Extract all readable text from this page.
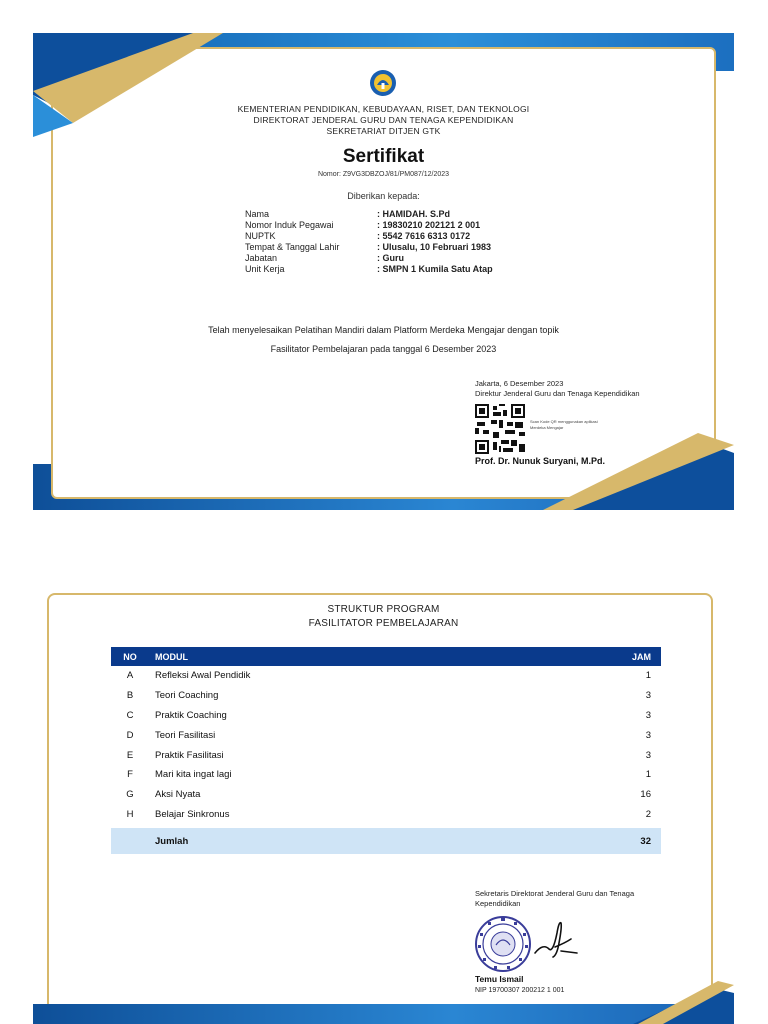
KEMENTERIAN PENDIDIKAN, KEBUDAYAAN, RISET, DAN TEKNOLOGI
DIREKTORAT JENDERAL GURU DAN TENAGA KEPENDIDIKAN
SEKRETARIAT DITJEN GTK
Sertifikat
Nomor: Z9VG3DBZOJ/81/PM087/12/2023
Diberikan kepada:
Nama	: HAMIDAH. S.Pd
Nomor Induk Pegawai	: 19830210 202121 2 001
NUPTK	: 5542 7616 6313 0172
Tempat & Tanggal Lahir	: Ulusalu, 10 Februari 1983
Jabatan	: Guru
Unit Kerja	: SMPN 1 Kumila Satu Atap
Telah menyelesaikan Pelatihan Mandiri dalam Platform Merdeka Mengajar dengan topik
Fasilitator Pembelajaran pada tanggal 6 Desember 2023
Jakarta, 6 Desember 2023
Direktur Jenderal Guru dan Tenaga Kependidikan
Scan Kode QR menggunakan aplikasi Merdeka Mengajar
Prof. Dr. Nunuk Suryani, M.Pd.
STRUKTUR PROGRAM
FASILITATOR PEMBELAJARAN
NO	MODUL	JAM
A	Refleksi Awal Pendidik	1
B	Teori Coaching	3
C	Praktik Coaching	3
D	Teori Fasilitasi	3
E	Praktik Fasilitasi	3
F	Mari kita ingat lagi	1
G	Aksi Nyata	16
H	Belajar Sinkronus	2

	Jumlah	32
Sekretaris Direktorat Jenderal Guru dan Tenaga Kependidikan
Temu Ismail
NIP 19700307 200212 1 001
